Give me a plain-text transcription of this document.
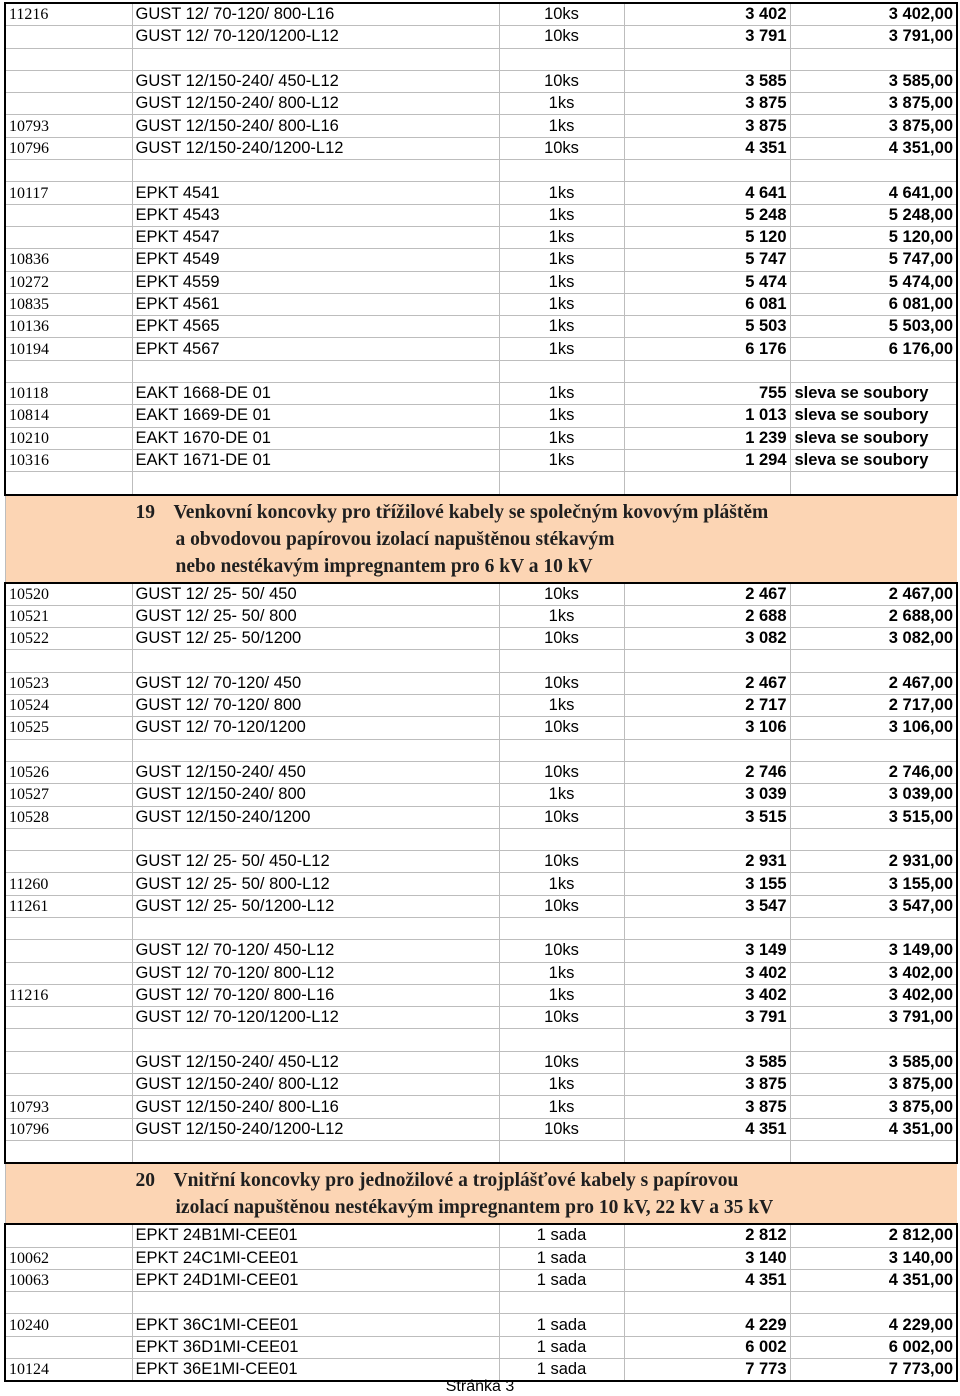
11216	GUST 12/ 70-120/ 800-L16	10ks	3 402	3 402,00
	GUST 12/ 70-120/1200-L12	10ks	3 791	3 791,00

	GUST 12/150-240/ 450-L12	10ks	3 585	3 585,00
	GUST 12/150-240/ 800-L12	1ks	3 875	3 875,00
10793	GUST 12/150-240/ 800-L16	1ks	3 875	3 875,00
10796	GUST 12/150-240/1200-L12	10ks	4 351	4 351,00

10117	EPKT 4541	1ks	4 641	4 641,00
	EPKT 4543	1ks	5 248	5 248,00
	EPKT 4547	1ks	5 120	5 120,00
10836	EPKT 4549	1ks	5 747	5 747,00
10272	EPKT 4559	1ks	5 474	5 474,00
10835	EPKT 4561	1ks	6 081	6 081,00
10136	EPKT 4565	1ks	5 503	5 503,00
10194	EPKT 4567	1ks	6 176	6 176,00

10118	EAKT 1668-DE 01	1ks	755	sleva se soubory
10814	EAKT 1669-DE 01	1ks	1 013	sleva se soubory
10210	EAKT 1670-DE 01	1ks	1 239	sleva se soubory
10316	EAKT 1671-DE 01	1ks	1 294	sleva se soubory

19 Venkovní koncovky pro třížilové kabely se společným kovovým pláštěm
a obvodovou papírovou izolací napuštěnou stékavým
nebo nestékavým impregnantem pro 6 kV a 10 kV				

10520	GUST 12/ 25- 50/ 450	10ks	2 467	2 467,00
10521	GUST 12/ 25- 50/ 800	1ks	2 688	2 688,00
10522	GUST 12/ 25- 50/1200	10ks	3 082	3 082,00

10523	GUST 12/ 70-120/ 450	10ks	2 467	2 467,00
10524	GUST 12/ 70-120/ 800	1ks	2 717	2 717,00
10525	GUST 12/ 70-120/1200	10ks	3 106	3 106,00

10526	GUST 12/150-240/ 450	10ks	2 746	2 746,00
10527	GUST 12/150-240/ 800	1ks	3 039	3 039,00
10528	GUST 12/150-240/1200	10ks	3 515	3 515,00

	GUST 12/ 25- 50/ 450-L12	10ks	2 931	2 931,00
11260	GUST 12/ 25- 50/ 800-L12	1ks	3 155	3 155,00
11261	GUST 12/ 25- 50/1200-L12	10ks	3 547	3 547,00

	GUST 12/ 70-120/ 450-L12	10ks	3 149	3 149,00
	GUST 12/ 70-120/ 800-L12	1ks	3 402	3 402,00
11216	GUST 12/ 70-120/ 800-L16	1ks	3 402	3 402,00
	GUST 12/ 70-120/1200-L12	10ks	3 791	3 791,00

	GUST 12/150-240/ 450-L12	10ks	3 585	3 585,00
	GUST 12/150-240/ 800-L12	1ks	3 875	3 875,00
10793	GUST 12/150-240/ 800-L16	1ks	3 875	3 875,00
10796	GUST 12/150-240/1200-L12	10ks	4 351	4 351,00

20 Vnitřní koncovky pro jednožilové a trojplášťové kabely s papírovou
izolací napuštěnou nestékavým impregnantem pro 10 kV, 22 kV a 35 kV				

	EPKT 24B1MI-CEE01	1 sada	2 812	2 812,00
10062	EPKT 24C1MI-CEE01	1 sada	3 140	3 140,00
10063	EPKT 24D1MI-CEE01	1 sada	4 351	4 351,00

10240	EPKT 36C1MI-CEE01	1 sada	4 229	4 229,00
	EPKT 36D1MI-CEE01	1 sada	6 002	6 002,00
10124	EPKT 36E1MI-CEE01	1 sada	7 773	7 773,00
Stránka 3
